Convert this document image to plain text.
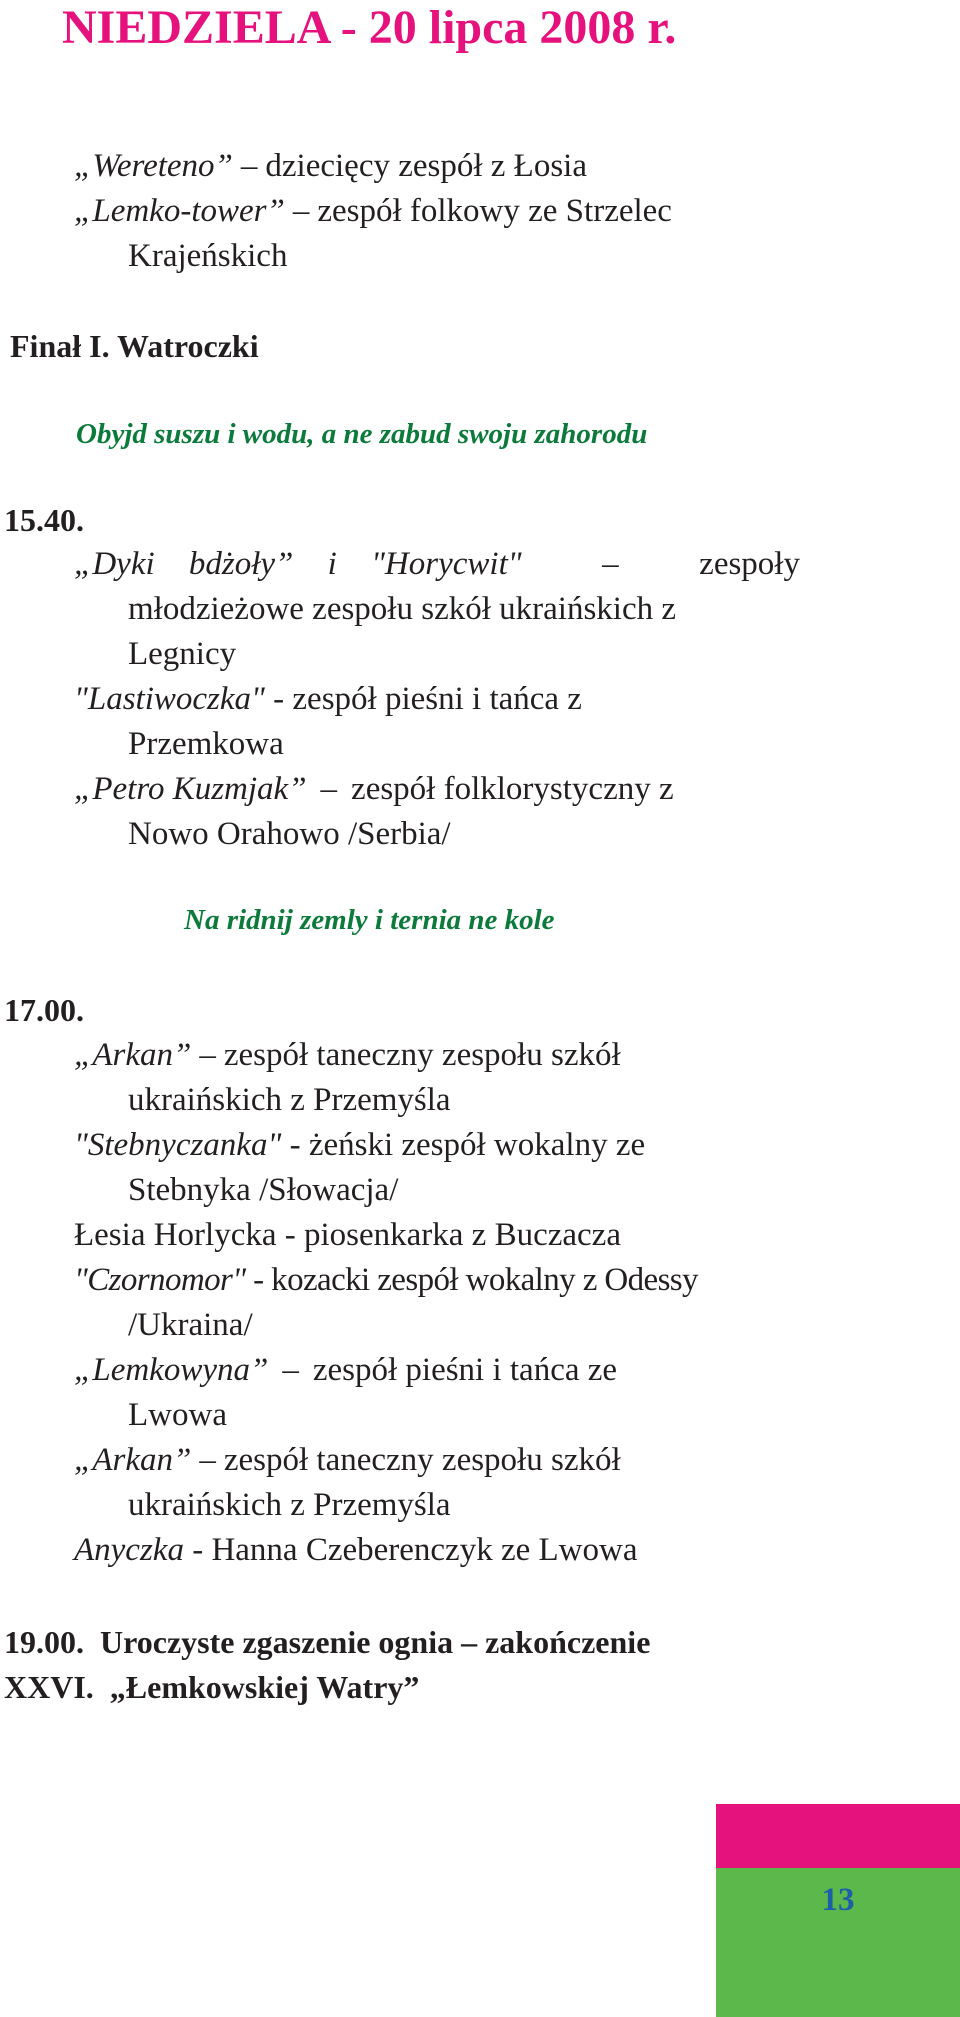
NIEDZIELA - 20 lipca 2008 r.
„Wereteno” – dziecięcy zespół z Łosia
„Lemko-tower” – zespół folkowy ze Strzelec
Krajeńskich
Finał I. Watroczki
Obyjd suszu i wodu, a ne zabud swoju zahorodu
15.40.
„Dyki bdżoły” i "Horycwit" – zespoły
młodzieżowe zespołu szkół ukraińskich z
Legnicy
"Lastiwoczka" - zespół pieśni i tańca z
Przemkowa
„Petro Kuzmjak” – zespół folklorystyczny z
Nowo Orahowo /Serbia/
Na ridnij zemly i ternia ne kole
17.00.
„Arkan” – zespół taneczny zespołu szkół
ukraińskich z Przemyśla
"Stebnyczanka" - żeński zespół wokalny ze
Stebnyka /Słowacja/
Łesia Horlycka - piosenkarka z Buczacza
"Czornomor" - kozacki zespół wokalny z Odessy
/Ukraina/
„Lemkowyna” – zespół pieśni i tańca ze
Lwowa
„Arkan” – zespół taneczny zespołu szkół
ukraińskich z Przemyśla
Anyczka - Hanna Czeberenczyk ze Lwowa
19.00.  Uroczyste zgaszenie ognia – zakończenie
XXVI.  „Łemkowskiej Watry”
13
